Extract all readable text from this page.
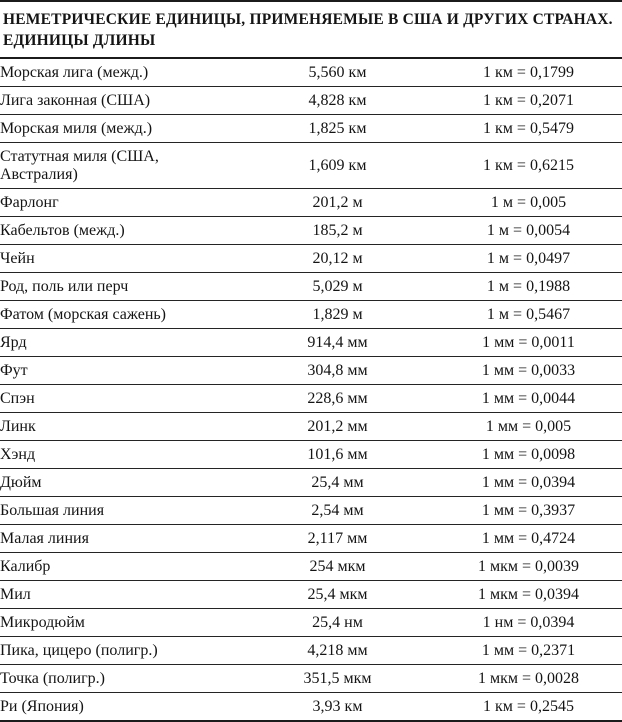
НЕМЕТРИЧЕСКИЕ ЕДИНИЦЫ, ПРИМЕНЯЕМЫЕ В США И ДРУГИХ СТРАНАХ.
ЕДИНИЦЫ ДЛИНЫ
Морская лига (межд.)	5,560 км	1 км = 0,1799
Лига законная (США)	4,828 км	1 км = 0,2071
Морская миля (межд.)	1,825 км	1 км = 0,5479
Статутная миля (США, Австралия)	1,609 км	1 км = 0,6215
Фарлонг	201,2 м	1 м = 0,005
Кабельтов (межд.)	185,2 м	1 м = 0,0054
Чейн	20,12 м	1 м = 0,0497
Род, поль или перч	5,029 м	1 м = 0,1988
Фатом (морская сажень)	1,829 м	1 м = 0,5467
Ярд	914,4 мм	1 мм = 0,0011
Фут	304,8 мм	1 мм = 0,0033
Спэн	228,6 мм	1 мм = 0,0044
Линк	201,2 мм	1 мм = 0,005
Хэнд	101,6 мм	1 мм = 0,0098
Дюйм	25,4 мм	1 мм = 0,0394
Большая линия	2,54 мм	1 мм = 0,3937
Малая линия	2,117 мм	1 мм = 0,4724
Калибр	254 мкм	1 мкм = 0,0039
Мил	25,4 мкм	1 мкм = 0,0394
Микродюйм	25,4 нм	1 нм = 0,0394
Пика, цицеро (полигр.)	4,218 мм	1 мм = 0,2371
Точка (полигр.)	351,5 мкм	1 мкм = 0,0028
Ри (Япония)	3,93 км	1 км = 0,2545
